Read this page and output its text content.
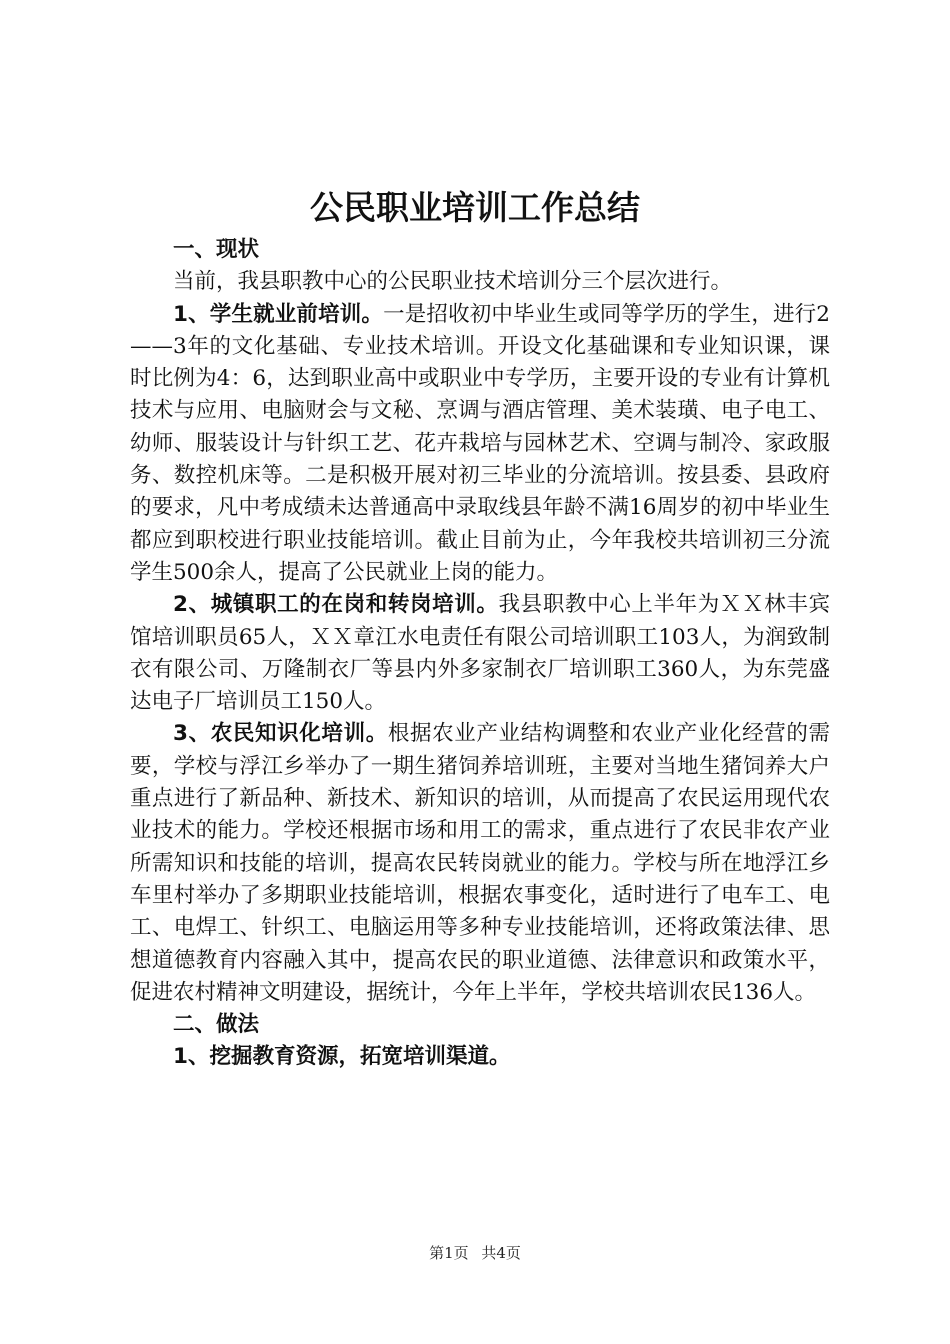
公民职业培训工作总结

一、现状

当前，我县职教中心的公民职业技术培训分三个层次进行。

1、学生就业前培训。一是招收初中毕业生或同等学历的学生，进行2——3年的文化基础、专业技术培训。开设文化基础课和专业知识课，课时比例为4：6，达到职业高中或职业中专学历，主要开设的专业有计算机技术与应用、电脑财会与文秘、烹调与酒店管理、美术装璜、电子电工、幼师、服装设计与针织工艺、花卉栽培与园林艺术、空调与制冷、家政服务、数控机床等。二是积极开展对初三毕业的分流培训。按县委、县政府的要求，凡中考成绩未达普通高中录取线县年龄不满16周岁的初中毕业生都应到职校进行职业技能培训。截止目前为止，今年我校共培训初三分流学生500余人，提高了公民就业上岗的能力。

2、城镇职工的在岗和转岗培训。我县职教中心上半年为ＸＸ林丰宾馆培训职员65人，ＸＸ章江水电责任有限公司培训职工103人，为润致制衣有限公司、万隆制衣厂等县内外多家制衣厂培训职工360人，为东莞盛达电子厂培训员工150人。

3、农民知识化培训。根据农业产业结构调整和农业产业化经营的需要，学校与浮江乡举办了一期生猪饲养培训班，主要对当地生猪饲养大户重点进行了新品种、新技术、新知识的培训，从而提高了农民运用现代农业技术的能力。学校还根据市场和用工的需求，重点进行了农民非农产业所需知识和技能的培训，提高农民转岗就业的能力。学校与所在地浮江乡车里村举办了多期职业技能培训，根据农事变化，适时进行了电车工、电工、电焊工、针织工、电脑运用等多种专业技能培训，还将政策法律、思想道德教育内容融入其中，提高农民的职业道德、法律意识和政策水平，促进农村精神文明建设，据统计，今年上半年，学校共培训农民136人。

二、做法

1、挖掘教育资源，拓宽培训渠道。

第1页 共4页
